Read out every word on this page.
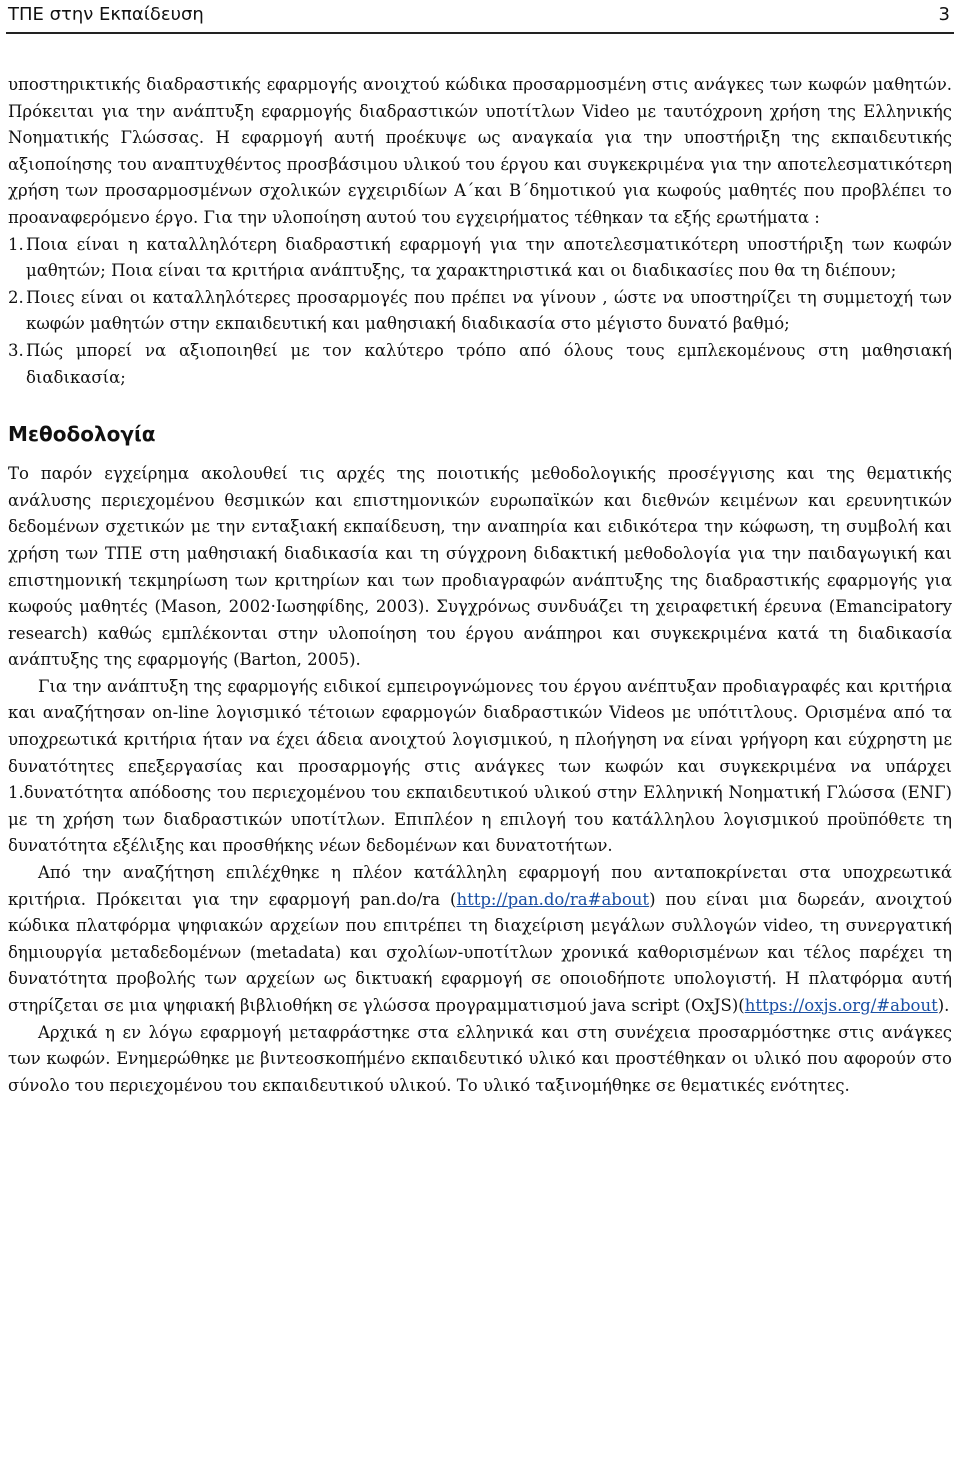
ΤΠΕ στην Εκπαίδευση	3

υποστηρικτικής διαδραστικής εφαρμογής ανοιχτού κώδικα προσαρμοσμένη στις ανάγκες των κωφών μαθητών. Πρόκειται για την ανάπτυξη εφαρμογής διαδραστικών υποτίτλων Video με ταυτόχρονη χρήση της Ελληνικής Νοηματικής Γλώσσας. Η εφαρμογή αυτή προέκυψε ως αναγκαία για την υποστήριξη της εκπαιδευτικής αξιοποίησης του αναπτυχθέντος προσβάσιμου υλικού του έργου και συγκεκριμένα για την αποτελεσματικότερη χρήση των προσαρμοσμένων σχολικών εγχειριδίων Α΄και Β΄δημοτικού για κωφούς μαθητές που προβλέπει το προαναφερόμενο έργο. Για την υλοποίηση αυτού του εγχειρήματος τέθηκαν τα εξής ερωτήματα :

1. Ποια είναι η καταλληλότερη διαδραστική εφαρμογή για την αποτελεσματικότερη υποστήριξη των κωφών μαθητών; Ποια είναι τα κριτήρια ανάπτυξης, τα χαρακτηριστικά και οι διαδικασίες που θα τη διέπουν;
2. Ποιες είναι οι καταλληλότερες προσαρμογές που πρέπει να γίνουν , ώστε να υποστηρίζει τη συμμετοχή των κωφών μαθητών στην εκπαιδευτική και μαθησιακή διαδικασία στο μέγιστο δυνατό βαθμό;
3. Πώς μπορεί να αξιοποιηθεί με τον καλύτερο τρόπο από όλους τους εμπλεκομένους στη μαθησιακή διαδικασία;
Μεθοδολογία

Το παρόν εγχείρημα ακολουθεί τις αρχές της ποιοτικής μεθοδολογικής προσέγγισης και της θεματικής ανάλυσης περιεχομένου θεσμικών και επιστημονικών ευρωπαϊκών και διεθνών κειμένων και ερευνητικών δεδομένων σχετικών με την ενταξιακή εκπαίδευση, την αναπηρία και ειδικότερα την κώφωση, τη συμβολή και χρήση των ΤΠΕ στη μαθησιακή διαδικασία και τη σύγχρονη διδακτική μεθοδολογία για την παιδαγωγική και επιστημονική τεκμηρίωση των κριτηρίων και των προδιαγραφών ανάπτυξης της διαδραστικής εφαρμογής για κωφούς μαθητές (Mason, 2002·Ιωσηφίδης, 2003). Συγχρόνως συνδυάζει τη χειραφετική έρευνα (Emancipatory research) καθώς εμπλέκονται στην υλοποίηση του έργου ανάπηροι και συγκεκριμένα κατά τη διαδικασία ανάπτυξης της εφαρμογής (Barton, 2005).

Για την ανάπτυξη της εφαρμογής ειδικοί εμπειρογνώμονες του έργου ανέπτυξαν προδιαγραφές και κριτήρια και αναζήτησαν on-line λογισμικό τέτοιων εφαρμογών διαδραστικών Videos με υπότιτλους. Ορισμένα από τα υποχρεωτικά κριτήρια ήταν να έχει άδεια ανοιχτού λογισμικού, η πλοήγηση να είναι γρήγορη και εύχρηστη με δυνατότητες επεξεργασίας και προσαρμογής στις ανάγκες των κωφών και συγκεκριμένα να υπάρχει 1.δυνατότητα απόδοσης του περιεχομένου του εκπαιδευτικού υλικού στην Ελληνική Νοηματική Γλώσσα (ΕΝΓ) με τη χρήση των διαδραστικών υποτίτλων. Επιπλέον η επιλογή του κατάλληλου λογισμικού προϋπόθετε τη δυνατότητα εξέλιξης και προσθήκης νέων δεδομένων και δυνατοτήτων.

Από την αναζήτηση επιλέχθηκε η πλέον κατάλληλη εφαρμογή που ανταποκρίνεται στα υποχρεωτικά κριτήρια. Πρόκειται για την εφαρμογή pan.do/ra (http://pan.do/ra#about) που είναι μια δωρεάν, ανοιχτού κώδικα πλατφόρμα ψηφιακών αρχείων που επιτρέπει τη διαχείριση μεγάλων συλλογών video, τη συνεργατική δημιουργία μεταδεδομένων (metadata) και σχολίων-υποτίτλων χρονικά καθορισμένων και τέλος παρέχει τη δυνατότητα προβολής των αρχείων ως δικτυακή εφαρμογή σε οποιοδήποτε υπολογιστή. Η πλατφόρμα αυτή στηρίζεται σε μια ψηφιακή βιβλιοθήκη σε γλώσσα προγραμματισμού java script (OxJS)(https://oxjs.org/#about).

Αρχικά η εν λόγω εφαρμογή μεταφράστηκε στα ελληνικά και στη συνέχεια προσαρμόστηκε στις ανάγκες των κωφών. Ενημερώθηκε με βιντεοσκοπήμένο εκπαιδευτικό υλικό και προστέθηκαν οι υλικό που αφορούν στο σύνολο του περιεχομένου του εκπαιδευτικού υλικού. Το υλικό ταξινομήθηκε σε θεματικές ενότητες.
